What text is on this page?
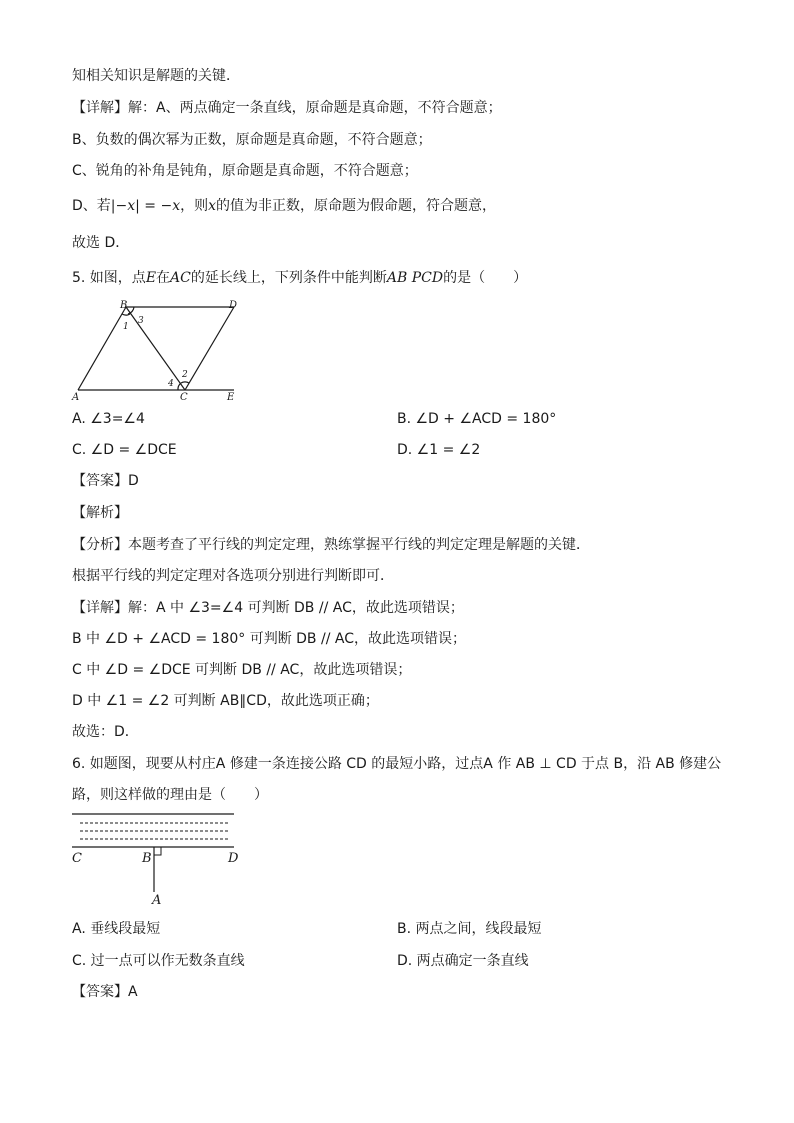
知相关知识是解题的关键．
【详解】解：A、两点确定一条直线，原命题是真命题，不符合题意；
B、负数的偶次幂为正数，原命题是真命题，不符合题意；
C、锐角的补角是钝角，原命题是真命题，不符合题意；
D、若|−x| = −x，则x的值为非正数，原命题为假命题，符合题意，
故选 D．
5. 如图，点E在AC的延长线上，下列条件中能判断AB PCD的是（　　）
B	D
A	C	E
1
2
3
4
A. ∠3=∠4	B. ∠D + ∠ACD = 180°
C. ∠D = ∠DCE	D. ∠1 = ∠2
【答案】D
【解析】
【分析】本题考查了平行线的判定定理，熟练掌握平行线的判定定理是解题的关键．
根据平行线的判定定理对各选项分别进行判断即可．
【详解】解：A 中 ∠3=∠4 可判断 DB // AC，故此选项错误；
B 中 ∠D + ∠ACD = 180° 可判断 DB // AC，故此选项错误；
C 中 ∠D = ∠DCE 可判断 DB // AC，故此选项错误；
D 中 ∠1 = ∠2 可判断 AB∥CD，故此选项正确；
故选：D．
6. 如题图，现要从村庄A 修建一条连接公路 CD 的最短小路，过点A 作 AB ⊥ CD 于点 B，沿 AB 修建公
路，则这样做的理由是（　　）
C	B	D
A
A. 垂线段最短	B. 两点之间，线段最短
C. 过一点可以作无数条直线	D. 两点确定一条直线
【答案】A
